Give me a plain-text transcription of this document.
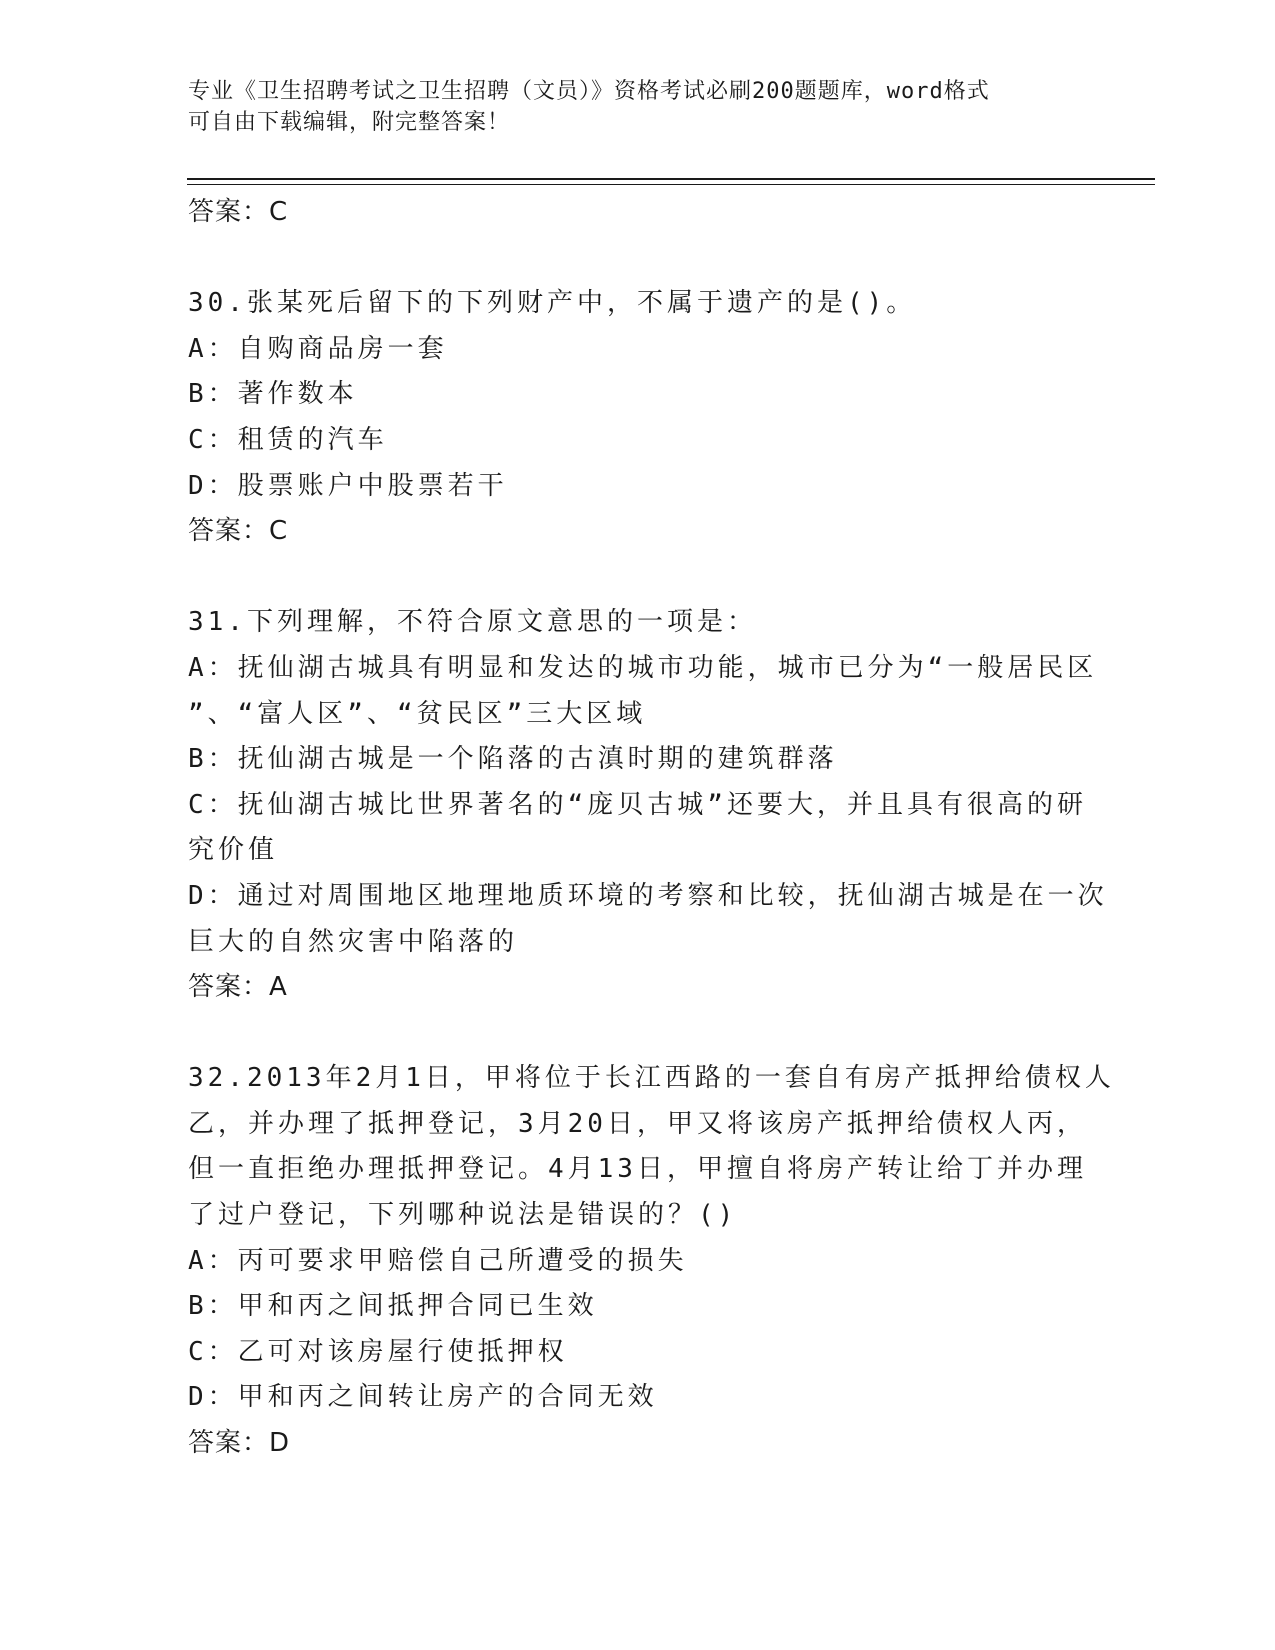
专业《卫生招聘考试之卫生招聘（文员）》资格考试必刷200题题库，word格式
可自由下载编辑，附完整答案！
答案：C
30.张某死后留下的下列财产中，不属于遗产的是()。
A：自购商品房一套
B：著作数本
C：租赁的汽车
D：股票账户中股票若干
答案：C
31.下列理解，不符合原文意思的一项是：
A：抚仙湖古城具有明显和发达的城市功能，城市已分为“一般居民区
”、“富人区”、“贫民区”三大区域
B：抚仙湖古城是一个陷落的古滇时期的建筑群落
C：抚仙湖古城比世界著名的“庞贝古城”还要大，并且具有很高的研
究价值
D：通过对周围地区地理地质环境的考察和比较，抚仙湖古城是在一次
巨大的自然灾害中陷落的
答案：A
32.2013年2月1日，甲将位于长江西路的一套自有房产抵押给债权人
乙，并办理了抵押登记，3月20日，甲又将该房产抵押给债权人丙，
但一直拒绝办理抵押登记。4月13日，甲擅自将房产转让给丁并办理
了过户登记，下列哪种说法是错误的？()
A：丙可要求甲赔偿自己所遭受的损失
B：甲和丙之间抵押合同已生效
C：乙可对该房屋行使抵押权
D：甲和丙之间转让房产的合同无效
答案：D
